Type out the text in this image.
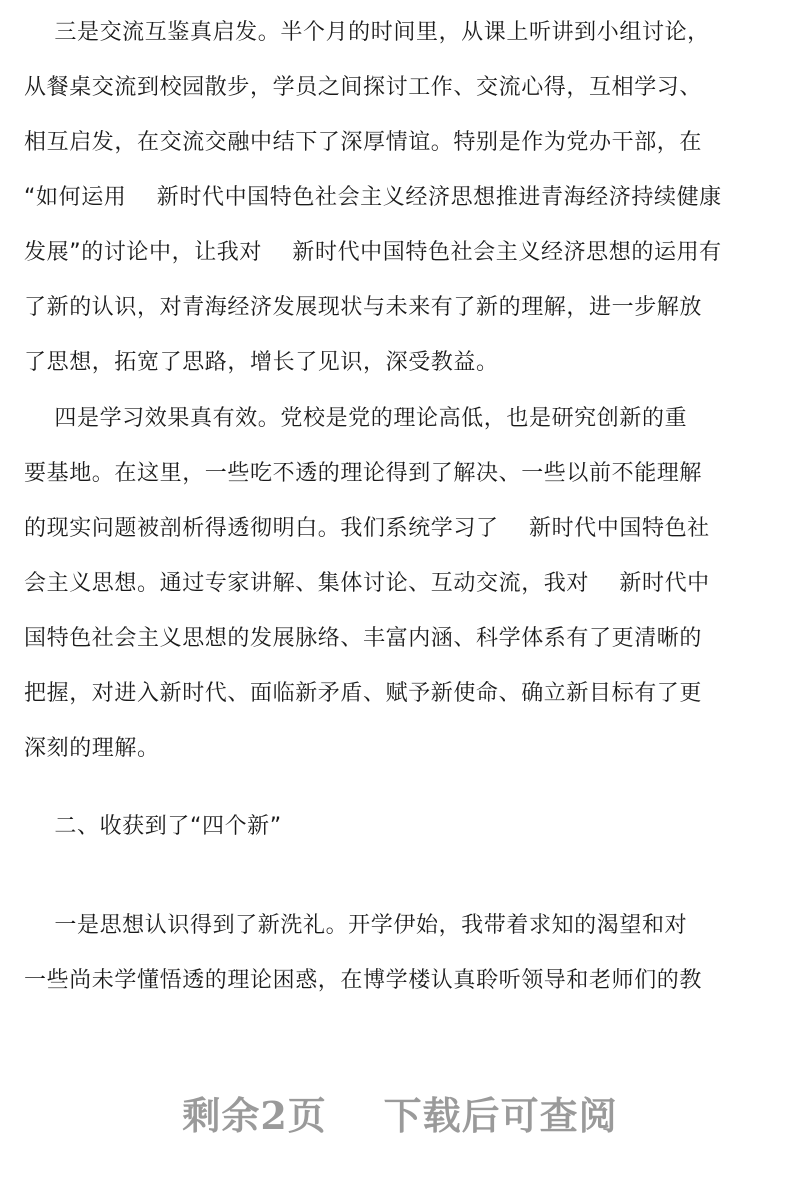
三是交流互鉴真启发。半个月的时间里，从课上听讲到小组讨论，
从餐桌交流到校园散步，学员之间探讨工作、交流心得，互相学习、
相互启发，在交流交融中结下了深厚情谊。特别是作为党办干部，在
“如何运用    新时代中国特色社会主义经济思想推进青海经济持续健康
发展”的讨论中，让我对    新时代中国特色社会主义经济思想的运用有
了新的认识，对青海经济发展现状与未来有了新的理解，进一步解放
了思想，拓宽了思路，增长了见识，深受教益。
四是学习效果真有效。党校是党的理论高低，也是研究创新的重
要基地。在这里，一些吃不透的理论得到了解决、一些以前不能理解
的现实问题被剖析得透彻明白。我们系统学习了    新时代中国特色社
会主义思想。通过专家讲解、集体讨论、互动交流，我对    新时代中
国特色社会主义思想的发展脉络、丰富内涵、科学体系有了更清晰的
把握，对进入新时代、面临新矛盾、赋予新使命、确立新目标有了更
深刻的理解。
二、收获到了“四个新”
一是思想认识得到了新洗礼。开学伊始，我带着求知的渴望和对
一些尚未学懂悟透的理论困惑，在博学楼认真聆听领导和老师们的教
剩余2页    下载后可查阅
